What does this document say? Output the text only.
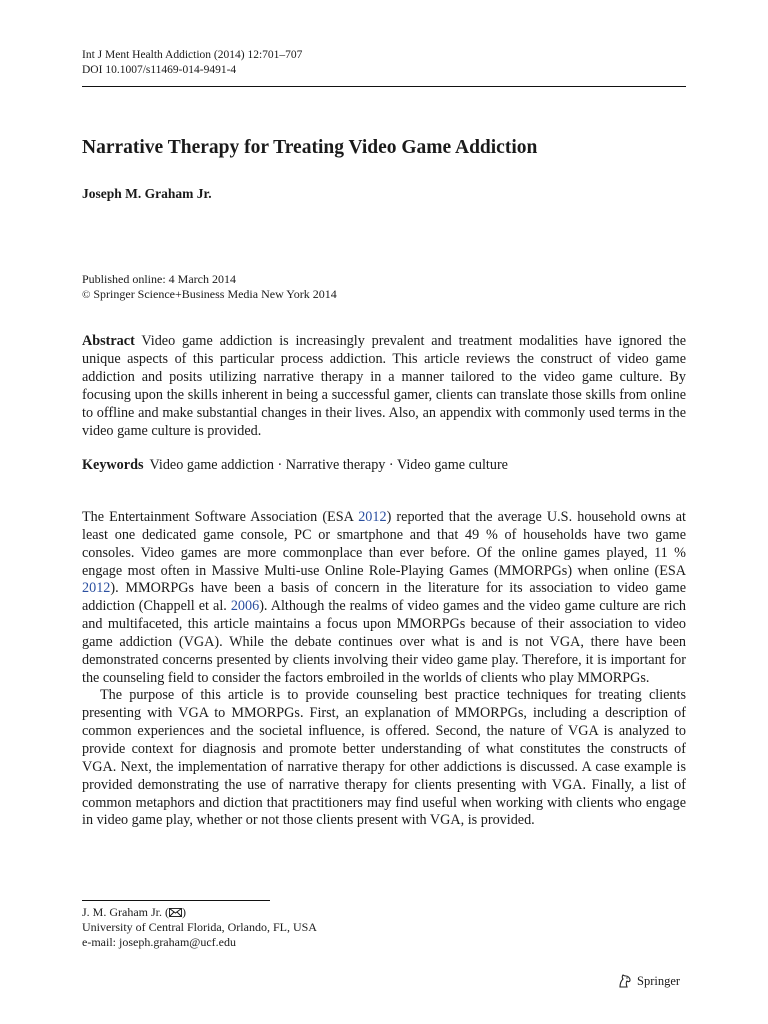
Int J Ment Health Addiction (2014) 12:701–707
DOI 10.1007/s11469-014-9491-4
Narrative Therapy for Treating Video Game Addiction
Joseph M. Graham Jr.
Published online: 4 March 2014
© Springer Science+Business Media New York 2014
Abstract Video game addiction is increasingly prevalent and treatment modalities have ignored the unique aspects of this particular process addiction. This article reviews the construct of video game addiction and posits utilizing narrative therapy in a manner tailored to the video game culture. By focusing upon the skills inherent in being a successful gamer, clients can translate those skills from online to offline and make substantial changes in their lives. Also, an appendix with commonly used terms in the video game culture is provided.
Keywords Video game addiction · Narrative therapy · Video game culture

The Entertainment Software Association (ESA 2012) reported that the average U.S. household owns at least one dedicated game console, PC or smartphone and that 49 % of households have two game consoles. Video games are more commonplace than ever before. Of the online games played, 11 % engage most often in Massive Multi-use Online Role-Playing Games (MMORPGs) when online (ESA 2012). MMORPGs have been a basis of concern in the literature for its association to video game addiction (Chappell et al. 2006). Although the realms of video games and the video game culture are rich and multifaceted, this article maintains a focus upon MMORPGs because of their association to video game addiction (VGA). While the debate continues over what is and is not VGA, there have been demonstrated concerns presented by clients involving their video game play. Therefore, it is important for the counseling field to consider the factors embroiled in the worlds of clients who play MMORPGs.

The purpose of this article is to provide counseling best practice techniques for treating clients presenting with VGA to MMORPGs. First, an explanation of MMORPGs, including a description of common experiences and the societal influence, is offered. Second, the nature of VGA is analyzed to provide context for diagnosis and promote better understanding of what constitutes the constructs of VGA. Next, the implementation of narrative therapy for other addictions is discussed. A case example is provided demonstrating the use of narrative therapy for clients presenting with VGA. Finally, a list of common metaphors and diction that practitioners may find useful when working with clients who engage in video game play, whether or not those clients present with VGA, is provided.

J. M. Graham Jr. ( )
University of Central Florida, Orlando, FL, USA
e-mail: joseph.graham@ucf.edu
Springer
